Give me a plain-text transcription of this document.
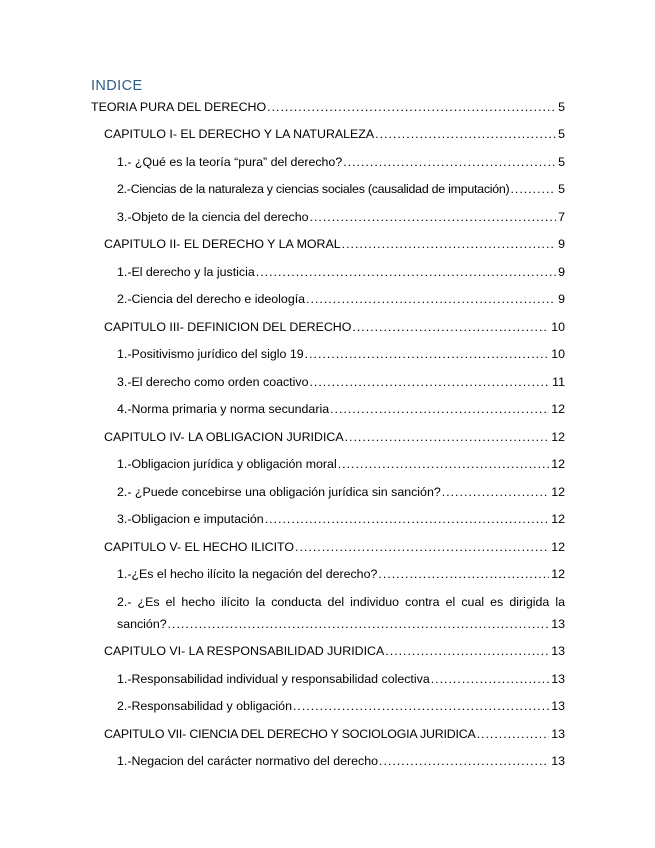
INDICE
TEORIA PURA DEL DERECHO .....	5
CAPITULO I- EL DERECHO Y LA NATURALEZA .....	5
1.- ¿Qué es la teoría “pura” del derecho? .....	5
2.-Ciencias de la naturaleza y ciencias sociales (causalidad de imputación) .....	5
3.-Objeto de la ciencia del derecho .....	7
CAPITULO II- EL DERECHO Y LA MORAL .....	9
1.-El derecho y la justicia .....	9
2.-Ciencia del derecho e ideología .....	9
CAPITULO III- DEFINICION DEL DERECHO .....	10
1.-Positivismo jurídico del siglo 19 .....	10
3.-El derecho como orden coactivo .....	11
4.-Norma primaria y norma secundaria .....	12
CAPITULO IV- LA OBLIGACION JURIDICA .....	12
1.-Obligacion jurídica y obligación moral .....	12
2.- ¿Puede concebirse una obligación jurídica sin sanción? .....	12
3.-Obligacion e imputación .....	12
CAPITULO V- EL HECHO ILICITO .....	12
1.-¿Es el hecho ilícito la negación del derecho? .....	12
2.- ¿Es el hecho ilícito la conducta del individuo contra el cual es dirigida la
sanción? .....	13
CAPITULO VI- LA RESPONSABILIDAD JURIDICA .....	13
1.-Responsabilidad individual y responsabilidad colectiva .....	13
2.-Responsabilidad y obligación .....	13
CAPITULO VII- CIENCIA DEL DERECHO Y SOCIOLOGIA JURIDICA .....	13
1.-Negacion del carácter normativo del derecho .....	13
